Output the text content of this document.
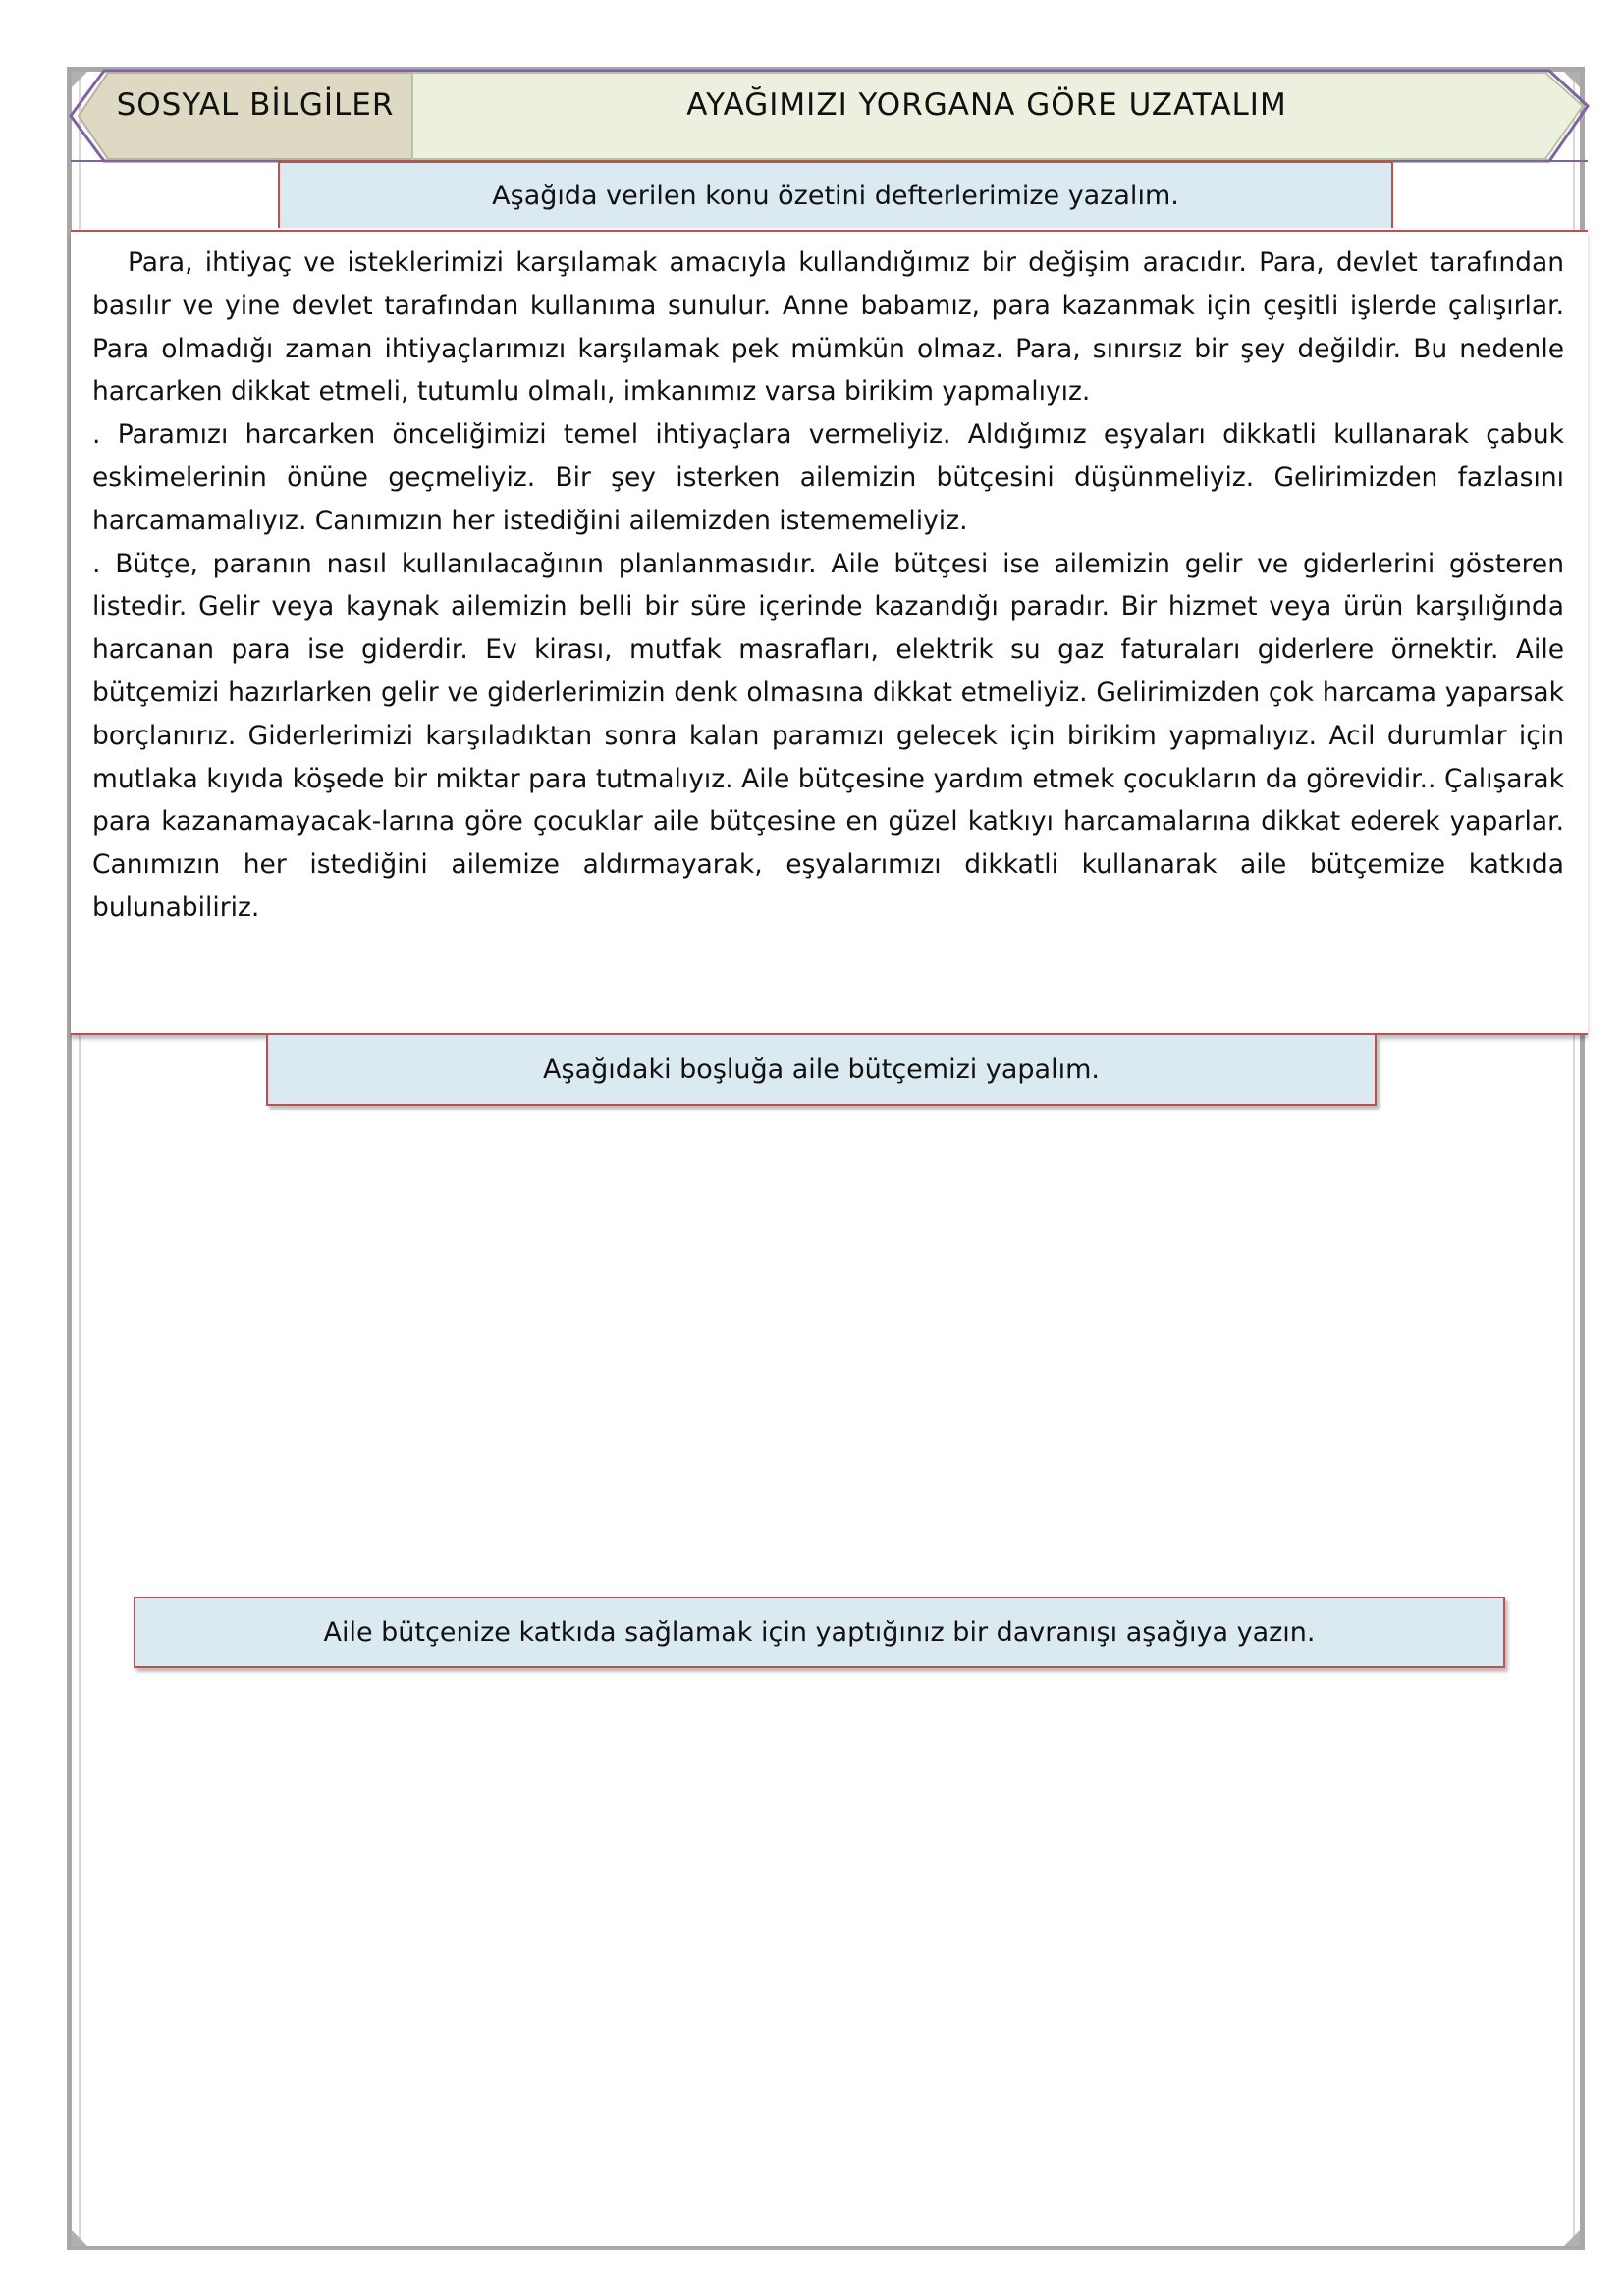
SOSYAL BİLGİLER	AYAĞIMIZI YORGANA GÖRE UZATALIM
Aşağıda verilen konu özetini defterlerimize yazalım.

Para, ihtiyaç ve isteklerimizi karşılamak amacıyla kullandığımız bir değişim aracıdır. Para, devlet tarafından basılır ve yine devlet tarafından kullanıma sunulur. Anne babamız, para kazanmak için çeşitli işlerde çalışırlar. Para olmadığı zaman ihtiyaçlarımızı karşılamak pek mümkün olmaz. Para, sınırsız bir şey değildir. Bu nedenle harcarken dikkat etmeli, tutumlu olmalı, imkanımız varsa birikim yapmalıyız.

. Paramızı harcarken önceliğimizi temel ihtiyaçlara vermeliyiz. Aldığımız eşyaları dikkatli kullanarak çabuk eskimelerinin önüne geçmeliyiz. Bir şey isterken ailemizin bütçesini düşünmeliyiz. Gelirimizden fazlasını harcamamalıyız. Canımızın her istediğini ailemizden istememeliyiz.

. Bütçe, paranın nasıl kullanılacağının planlanmasıdır. Aile bütçesi ise ailemizin gelir ve giderlerini gösteren listedir. Gelir veya kaynak ailemizin belli bir süre içerinde kazandığı paradır. Bir hizmet veya ürün karşılığında harcanan para ise giderdir. Ev kirası, mutfak masrafları, elektrik su gaz faturaları giderlere örnektir. Aile bütçemizi hazırlarken gelir ve giderlerimizin denk olmasına dikkat etmeliyiz. Gelirimizden çok harcama yaparsak borçlanırız. Giderlerimizi karşıladıktan sonra kalan paramızı gelecek için birikim yapmalıyız. Acil durumlar için mutlaka kıyıda köşede bir miktar para tutmalıyız. Aile bütçesine yardım etmek çocukların da görevidir.. Çalışarak para kazanamayacak-larına göre çocuklar aile bütçesine en güzel katkıyı harcamalarına dikkat ederek yaparlar. Canımızın her istediğini ailemize aldırmayarak, eşyalarımızı dikkatli kullanarak aile bütçemize katkıda bulunabiliriz.

Aşağıdaki boşluğa aile bütçemizi yapalım.
Aile bütçenize katkıda sağlamak için yaptığınız bir davranışı aşağıya yazın.
